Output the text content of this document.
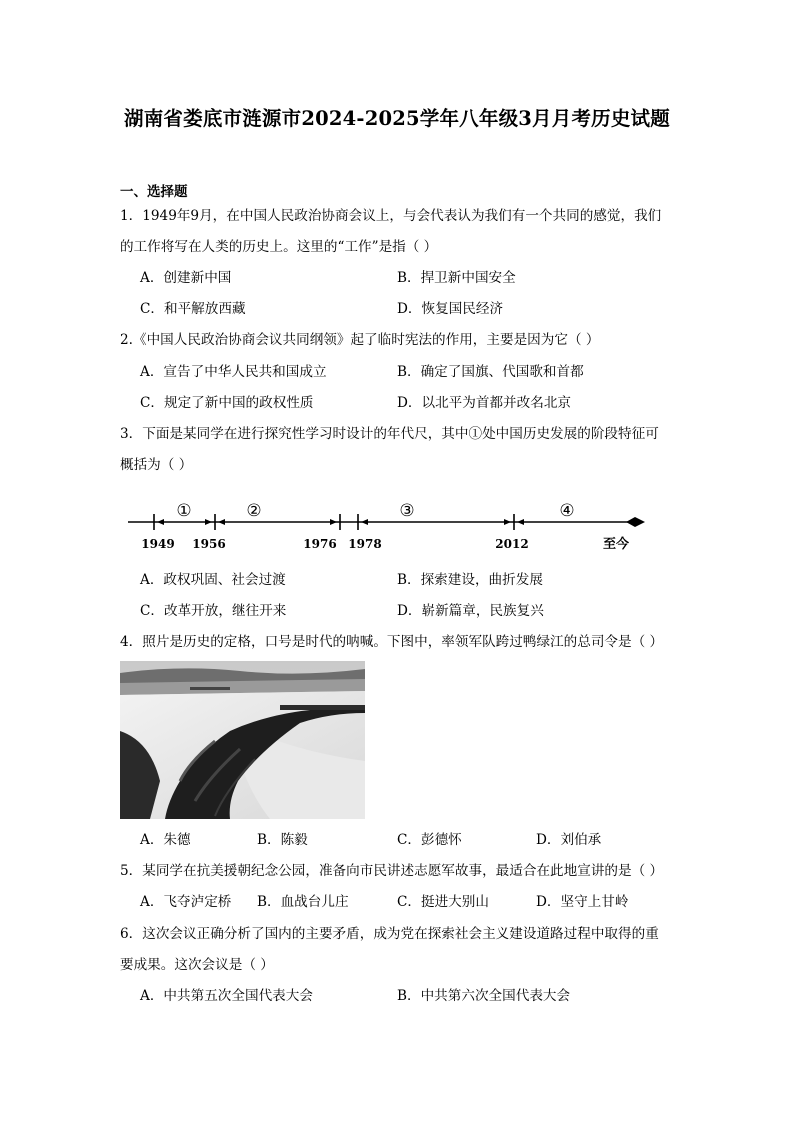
湖南省娄底市涟源市2024-2025学年八年级3月月考历史试题
一、选择题
1．1949年9月，在中国人民政治协商会议上，与会代表认为我们有一个共同的感觉，我们
的工作将写在人类的历史上。这里的“工作”是指（ ）
A．创建新中国	B．捍卫新中国安全
C．和平解放西藏	D．恢复国民经济
2.《中国人民政治协商会议共同纲领》起了临时宪法的作用，主要是因为它（ ）
A．宣告了中华人民共和国成立	B．确定了国旗、代国歌和首都
C．规定了新中国的政权性质	D．以北平为首都并改名北京
3．下面是某同学在进行探究性学习时设计的年代尺，其中①处中国历史发展的阶段特征可
概括为（ ）
①	②	③	④
1949 1956	1976 1978	2012	至今
A．政权巩固、社会过渡	B．探索建设，曲折发展
C．改革开放，继往开来	D．崭新篇章，民族复兴
4．照片是历史的定格，口号是时代的呐喊。下图中，率领军队跨过鸭绿江的总司令是（ ）
A．朱德	B．陈毅	C．彭德怀	D．刘伯承
5．某同学在抗美援朝纪念公园，准备向市民讲述志愿军故事，最适合在此地宣讲的是（ ）
A．飞夺泸定桥 B．血战台儿庄	C．挺进大别山	D．坚守上甘岭
6．这次会议正确分析了国内的主要矛盾，成为党在探索社会主义建设道路过程中取得的重
要成果。这次会议是（ ）
A．中共第五次全国代表大会	B．中共第六次全国代表大会
